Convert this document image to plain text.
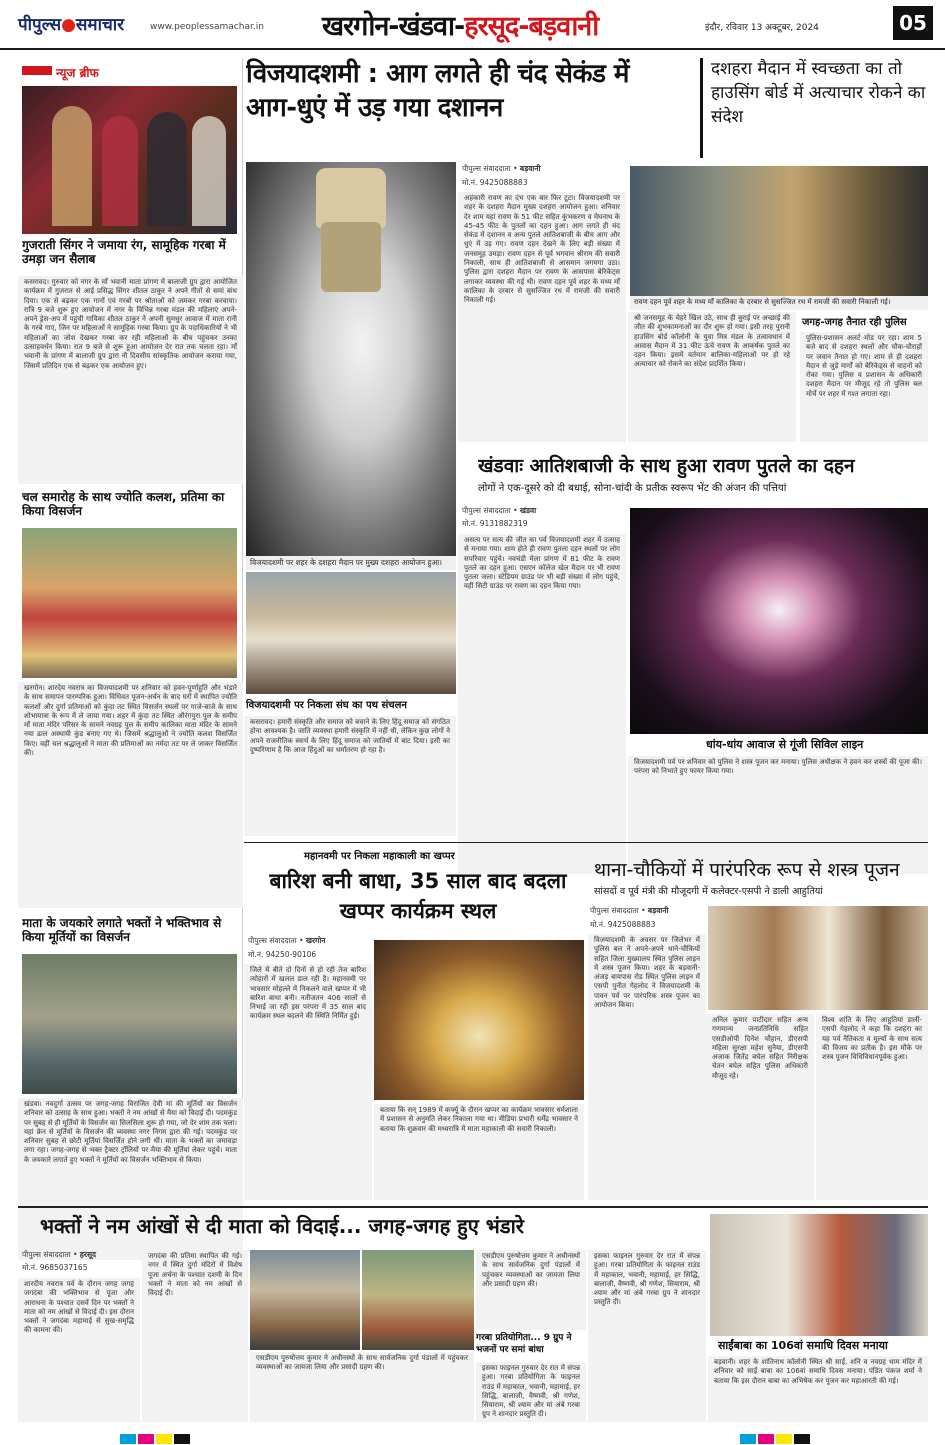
पीपुल्स●समाचार	www.peoplessamachar.in खरगोन-खंडवा-हरसूद-बड़वानी	इंदौर, रविवार 13 अक्टूबर, 2024	05
न्यूज ब्रीफ
गुजराती सिंगर ने जमाया रंग, सामूहिक गरबा में उमड़ा जन सैलाब
कसरावद। गुरुवार को नगर के माँ भवानी माता प्रांगण में बालाजी ग्रुप द्वारा आयोजित कार्यक्रम में गुजरात से आई प्रसिद्ध सिंगर शीतल ठाकुर ने अपने गीतों से समां बांध दिया। एक से बढ़कर एक गानों एवं गरबों पर श्रोताओं को जमकर गरबा करवाया। रात्रि 9 बजे शुरू हुए आयोजन में नगर के विभिन्न गरबा मंडल की महिलाएं अपने-अपने ड्रेस-अप में पहुंची गायिका शीतल ठाकुर ने अपनी सुमधुर आवाज में माता रानी के गरबे गाए, जिन पर महिलाओं ने सामूहिक गरबा किया। ग्रुप के पदाधिकारियों ने भी महिलाओं का जोश देखकर गरबा कर रही महिलाओं के बीच पहुंचकर उनका उत्साहवर्धन किया। रात 9 बजे से शुरू हुआ आयोजन देर रात तक चलता रहा। माँ भवानी के प्रांगण में बालाजी ग्रुप द्वारा नौ दिवसीय सांस्कृतिक आयोजन कराया गया, जिसमें प्रतिदिन एक से बढ़कर एक आयोजन हुए।
चल समारोह के साथ ज्योति कलश, प्रतिमा का किया विसर्जन
खरगोन। शारदेय नवरात्र का विजयादशमी पर शनिवार को हवन-पूर्णाहुति और भंडारे के साथ समापन पारम्परिक हुआ। विधिवत पूजन-अर्चन के बाद घरों में स्थापित ज्योति कलशों और दुर्गा प्रतिमाओं को कुंदा तट स्थित विसर्जन स्थलों पर गाजे-बाजे के साथ शोभायात्रा के रूप में ले जाया गया। शहर में कुंदा तट स्थित औरंगपुरा पुल के समीप माँ माता मंदिर परिसर के सामने नवग्रह पुल के समीप कालिका माता मंदिर के सामने नया ढाल अस्थायी कुंड बनाए गए थे। जिसमें श्रद्धालुओं ने ज्योति कलश विसर्जित किए। वहीं चल श्रद्धालुओं ने माता की प्रतिमाओं का नर्मदा तट पर ले जाकर विसर्जित की।
माता के जयकारे लगाते भक्तों ने भक्तिभाव से किया मूर्तियों का विसर्जन
खंडवा। नवदुर्गा उत्सव पर जगह-जगह विराजित देवी मां की मूर्तियों का विसर्जन शनिवार को उत्साह के साथ हुआ। भक्तों ने नम आंखों से मैया को विदाई दी। पदमकुंड पर सुबह से ही मूर्तियों के विसर्जन का सिलसिला शुरू हो गया, जो देर शाम तक चला। यहां क्रेन से मूर्तियों के विसर्जन की व्यवस्था नगर निगम द्वारा की गई। पदमकुंड पर शनिवार सुबह से छोटी मूर्तियां विसर्जित होने लगी थीं। माता के भक्तों का जमावड़ा लगा रहा। जगह-जगह से भक्त ट्रैक्टर ट्रॉलियों पर मैया की मूर्तियां लेकर पहुंचे। माता के जयकारे लगाते हुए भक्तों ने मूर्तियों का विसर्जन भक्तिभाव से किया।
विजयादशमी : आग लगते ही चंद सेकंड में आग-धुएं में उड़ गया दशानन
विजयादशमी पर शहर के दशहरा मैदान पर मुख्य दशहरा आयोजन हुआ।
पीपुल्स संवाददाता • बड़वानी
मो.नं. 9425088883
अहंकारी रावण का दंभ एक बार फिर टूटा। विजयादशमी पर शहर के दशहरा मैदान मुख्य दशहरा आयोजन हुआ। शनिवार देर शाम यहां रावण के 51 फीट सहित कुंभकरण व मेघनाथ के 45-45 फीट के पुतलों का दहन हुआ। आग लगते ही चंद सेकंड में दशानन व अन्य पुतले आतिशबाजी के बीच आग और धुएं में उड़ गए। रावण दहन देखने के लिए बड़ी संख्या में जनसमूह उमड़ा। रावण दहन से पूर्व भगवान श्रीराम की सवारी निकाली, साथ ही आतिशबाजी से आसमान जगमगा उठा। पुलिस द्वारा दशहरा मैदान पर रावण के आसपास बेरिकेट्स लगाकर व्यवस्था की गई थी। रावण दहन पूर्व शहर के मध्य माँ कालिका के दरबार से सुसज्जित रथ में रामजी की सवारी निकाली गई।
दशहरा मैदान में स्वच्छता का तो हाउसिंग बोर्ड में अत्याचार रोकने का संदेश
रावण दहन पूर्व शहर के मध्य माँ कालिका के दरबार से सुसज्जित रथ में रामजी की सवारी निकाली गई।
श्री जनसमूह के चेहरे खिल उठे, साथ ही बुराई पर अच्छाई की जीत की शुभकामनाओं का दौर शुरू हो गया। इसी तरह पुरानी हाउसिंग बोर्ड कॉलोनी के युवा मित्र मंडल के तत्वावधान में आवास मैदान में 31 फीट ऊंचे रावण के आकर्षक पुतले का दहन किया। इसमें वर्तमान बालिका-महिलाओं पर हो रहे अत्याचार को रोकने का संदेश प्रदर्शित किया।
जगह-जगह तैनात रही पुलिस
पुलिस-प्रशासन अलर्ट मोड पर रहा। शाम 5 बजे बाद से दशहरा स्थलों और चौक-चौराहों पर जवान तैनात हो गए। शाम से ही दशहरा मैदान से जुड़े मार्गों को बेरिकेड्स से वाहनों को रोका गया। पुलिस व प्रशासन के अधिकारी दशहरा मैदान पर मौजूद रहे तो पुलिस बल मोर्चे पर शहर में गश्त लगाता रहा।
खंडवाः आतिशबाजी के साथ हुआ रावण पुतले का दहन
लोगों ने एक-दूसरे को दी बधाई, सोना-चांदी के प्रतीक स्वरूप भेंट की अंजन की पत्तियां
पीपुल्स संवाददाता • खंडवा
मो.नं. 9131882319
असत्य पर सत्य की जीत का पर्व विजयादशमी शहर में उत्साह से मनाया गया। शाम होते ही रावण पुतला दहन स्थलों पर लोग सपरिवार पहुंचे। नवचंडी मेला प्रांगण में 81 फीट के रावण पुतले का दहन हुआ। एसएन कॉलेज खेल मैदान पर भी रावण पुतला जला। स्टेडियम ग्राउंड पर भी बड़ी संख्या में लोग पहुंचे, वहीं सिटी ग्राउंड पर रावण का दहन किया गया।
धांय-धांय आवाज से गूंजी सिविल लाइन
विजयादशमी पर्व पर शनिवार को पुलिस ने शस्त्र पूजन कर मनाया। पुलिस अधीक्षक ने हवन कर शस्त्रों की पूजा की। परंपरा को निभाते हुए फायर किया गया।
विजयादशमी पर निकला संघ का पथ संचलन
कसरावद। हमारी संस्कृति और समाज को बचाने के लिए हिंदू समाज को संगठित होना आवश्यक है। जाति व्यवस्था हमारी संस्कृति में नहीं थी, लेकिन कुछ लोगों ने अपने राजनीतिक स्वार्थ के लिए हिंदू समाज को जातियों में बांट दिया। इसी का दुष्परिणाम है कि आज हिंदुओं का धर्मांतरण हो रहा है।
महानवमी पर निकला महाकाली का खप्पर
बारिश बनी बाधा, 35 साल बाद बदला खप्पर कार्यक्रम स्थल
पीपुल्स संवाददाता • खरगोन
मो.नं. 94250-90106
जिले में बीते दो दिनों से हो रही तेज बारिश त्योहारों में खलल डाल रही है। महानवमी पर भावसार मोहल्ले में निकलने वाले खप्पर में भी बारिश बाधा बनी। नतीजतन 406 सालों से निभाई जा रही इस परंपरा में 35 साल बाद कार्यक्रम स्थल बदलने की स्थिति निर्मित हुई।
बताया कि सन् 1989 में कर्फ्यू के दौरान खप्पर का कार्यक्रम भावसार धर्मशाला में प्रशासन से अनुमति लेकर निकाला गया था। मीडिया प्रभारी धर्मेंद्र भावसार ने बताया कि शुक्रवार की मध्यरात्रि में माता महाकाली की सवारी निकाली।
थाना-चौकियों में पारंपरिक रूप से शस्त्र पूजन
सांसदों व पूर्व मंत्री की मौजूदगी में कलेक्टर-एसपी ने डाली आहुतियां
पीपुल्स संवाददाता • बड़वानी
मो.नं. 9425088883
विजयादशमी के अवसर पर जिलेभर में पुलिस बल ने अपने-अपने थाने-चौकियों सहित जिला मुख्यालय स्थित पुलिस लाइन में शस्त्र पूजन किया। शहर के बड़वानी-अंजड़ बायपास रोड स्थित पुलिस लाइन में एसपी पुनीत गेहलोद ने विजयादशमी के पावन पर्व पर पारंपरिक शस्त्र पूजन का आयोजन किया।
अनिल कुमार पाटीदार सहित अन्य गणमान्य जनप्रतिनिधि सहित एसडीओपी दिनेश चौहान, डीएसपी महिला सुरक्षा महेश सुनैया, डीएसपी अजाक जितेंद्र बघेल सहित निरीक्षक चेतन बघेल सहित पुलिस अधिकारी मौजूद रहे।
विश्व शांति के लिए आहुतियां डालीं-एसपी गेहलोद ने कहा कि दशहरा का यह पर्व नैतिकता व मूल्यों के साथ सत्य की विजय का प्रतीक है। इस मौके पर शस्त्र पूजन विधिविधानपूर्वक हुआ।
भक्तों ने नम आंखों से दी माता को विदाई... जगह-जगह हुए भंडारे
पीपुल्स संवाददाता • हरसूद
मो.नं. 9685037165
शारदीय नवरात्र पर्व के दौरान जगह जगह जगदंबा की भक्तिभाव से पूजा और आराधना के पश्चात दसवें दिन पर भक्तों ने माता को नम आंखों से विदाई दी। इस दौरान भक्तों ने जगदंबा महामाई से सुख-समृद्धि की कामना की।
जगदंबा की प्रतिमा स्थापित की गई। नगर में स्थित दुर्गा मंदिरों में विशेष पूजा अर्चना के पश्चात दशमी के दिन भक्तों ने माता को नम आंखों से विदाई दी।
एसडीएम पुरुषोत्तम कुमार ने अधीनस्थों के साथ सार्वजनिक दुर्गा पंडालों में पहुंचकर व्यवस्थाओं का जायजा लिया और प्रसादी ग्रहण की।
एसडीएम पुरुषोत्तम कुमार ने अधीनस्थों के साथ सार्वजनिक दुर्गा पंडालों में पहुंचकर व्यवस्थाओं का जायजा लिया और प्रसादी ग्रहण की।
गरबा प्रतियोगिता... 9 ग्रुप ने भजनों पर समां बांधा
इसका फाइनल गुरुवार देर रात में संपन्न हुआ। गरबा प्रतियोगिता के फाइनल राउंड में महाकाल, भवानी, महामाई, हर सिद्धि, बालाजी, वैष्णवी, श्री गणेश, सियाराम, श्री श्याम और मां अंबे गरबा ग्रुप ने शानदार प्रस्तुति दी।
इसका फाइनल गुरुवार देर रात में संपन्न हुआ। गरबा प्रतियोगिता के फाइनल राउंड में महाकाल, भवानी, महामाई, हर सिद्धि, बालाजी, वैष्णवी, श्री गणेश, सियाराम, श्री श्याम और मां अंबे गरबा ग्रुप ने शानदार प्रस्तुति दी।
साईंबाबा का 106वां समाधि दिवस मनाया
बड़वानी। शहर के शांतिनाथ कॉलोनी स्थित श्री साईं, शनि व नवग्रह धाम मंदिर में शनिवार को साईं बाबा का 106वां समाधि दिवस मनाया। पंडित पंकज शर्मा ने बताया कि इस दौरान बाबा का अभिषेक कर पूजन कर महाआरती की गई।
